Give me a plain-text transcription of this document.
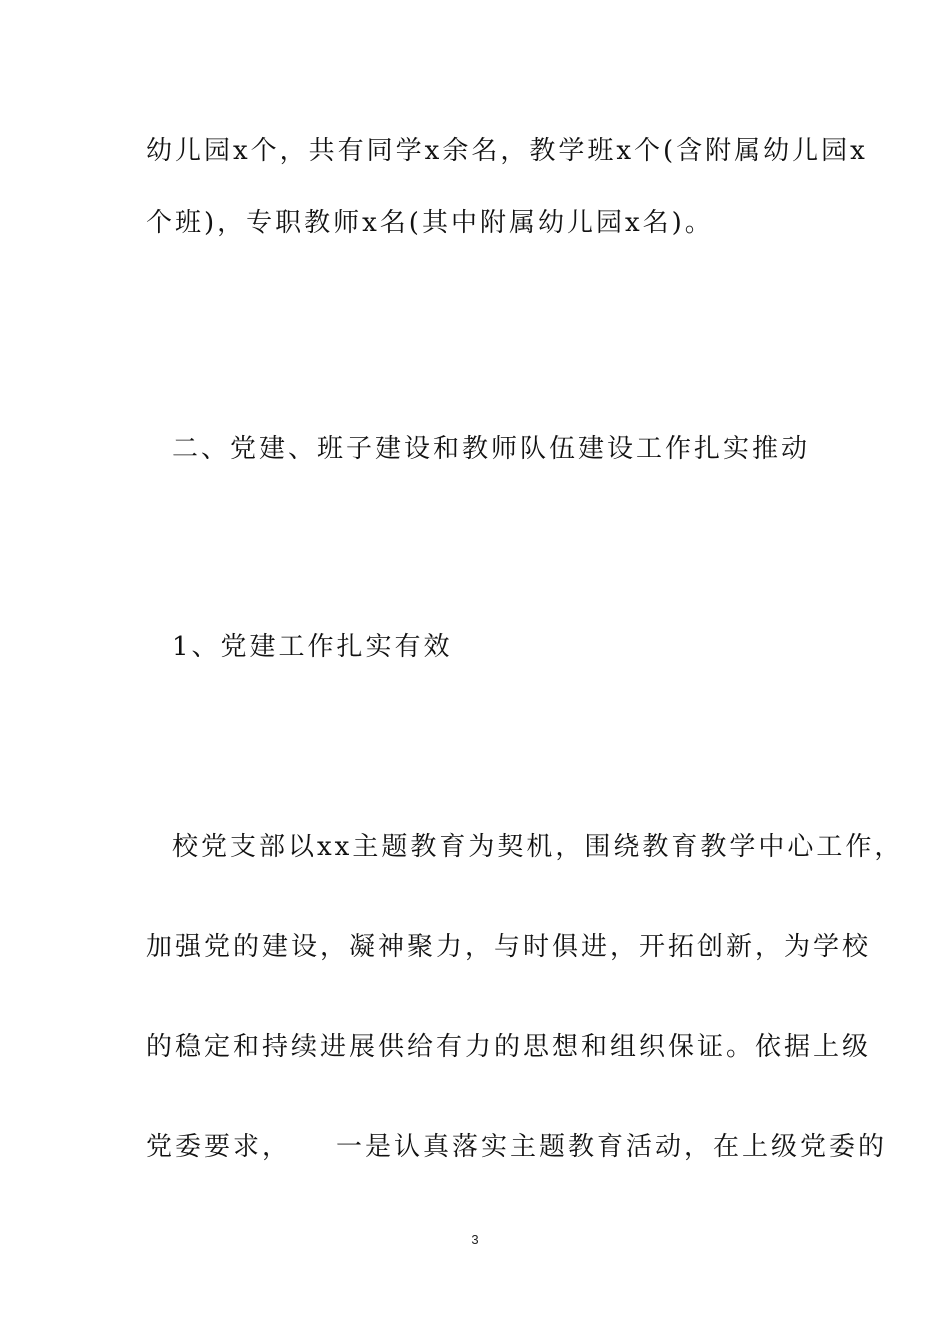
幼儿园x个，共有同学x余名，教学班x个(含附属幼儿园x
个班)，专职教师x名(其中附属幼儿园x名)。
二、党建、班子建设和教师队伍建设工作扎实推动
1、党建工作扎实有效
校党支部以xx主题教育为契机，围绕教育教学中心工作，
加强党的建设，凝神聚力，与时俱进，开拓创新，为学校
的稳定和持续进展供给有力的思想和组织保证。依据上级
党委要求，　　一是认真落实主题教育活动，在上级党委的
3
